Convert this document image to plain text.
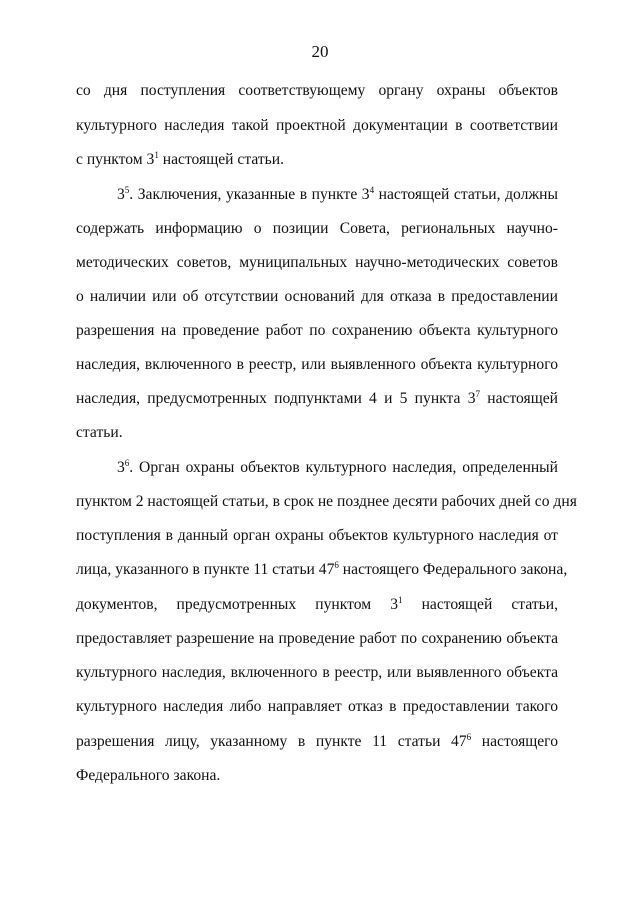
20
со дня поступления соответствующему органу охраны объектов
культурного наследия такой проектной документации в соответствии
с пунктом $3^1$ настоящей статьи.
$3^5$. Заключения, указанные в пункте $3^4$ настоящей статьи, должны
содержать информацию о позиции Совета, региональных научно-
методических советов, муниципальных научно-методических советов
о наличии или об отсутствии оснований для отказа в предоставлении
разрешения на проведение работ по сохранению объекта культурного
наследия, включенного в реестр, или выявленного объекта культурного
наследия, предусмотренных подпунктами 4 и 5 пункта $3^7$ настоящей
статьи.
$3^6$. Орган охраны объектов культурного наследия, определенный
пунктом 2 настоящей статьи, в срок не позднее десяти рабочих дней со дня
поступления в данный орган охраны объектов культурного наследия от
лица, указанного в пункте 11 статьи $47^6$ настоящего Федерального закона,
документов, предусмотренных пунктом $3^1$ настоящей статьи,
предоставляет разрешение на проведение работ по сохранению объекта
культурного наследия, включенного в реестр, или выявленного объекта
культурного наследия либо направляет отказ в предоставлении такого
разрешения лицу, указанному в пункте 11 статьи $47^6$ настоящего
Федерального закона.
